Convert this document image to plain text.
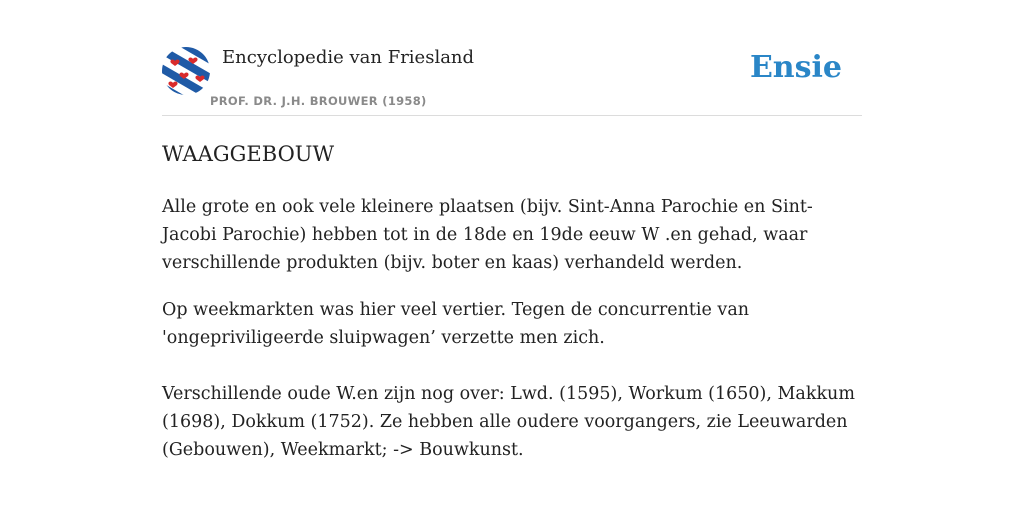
Encyclopedie van Friesland
PROF. DR. J.H. BROUWER (1958)
Ensie
WAAGGEBOUW

Alle grote en ook vele kleinere plaatsen (bijv. Sint-Anna Parochie en Sint-Jacobi Parochie) hebben tot in de 18de en 19de eeuw W .en gehad, waar verschillende produkten (bijv. boter en kaas) verhandeld werden.

Op weekmarkten was hier veel vertier. Tegen de concurrentie van 'ongepriviligeerde sluipwagen’ verzette men zich.

Verschillende oude W.en zijn nog over: Lwd. (1595), Workum (1650), Makkum (1698), Dokkum (1752). Ze hebben alle oudere voorgangers, zie Leeuwarden (Gebouwen), Weekmarkt; -> Bouwkunst.
